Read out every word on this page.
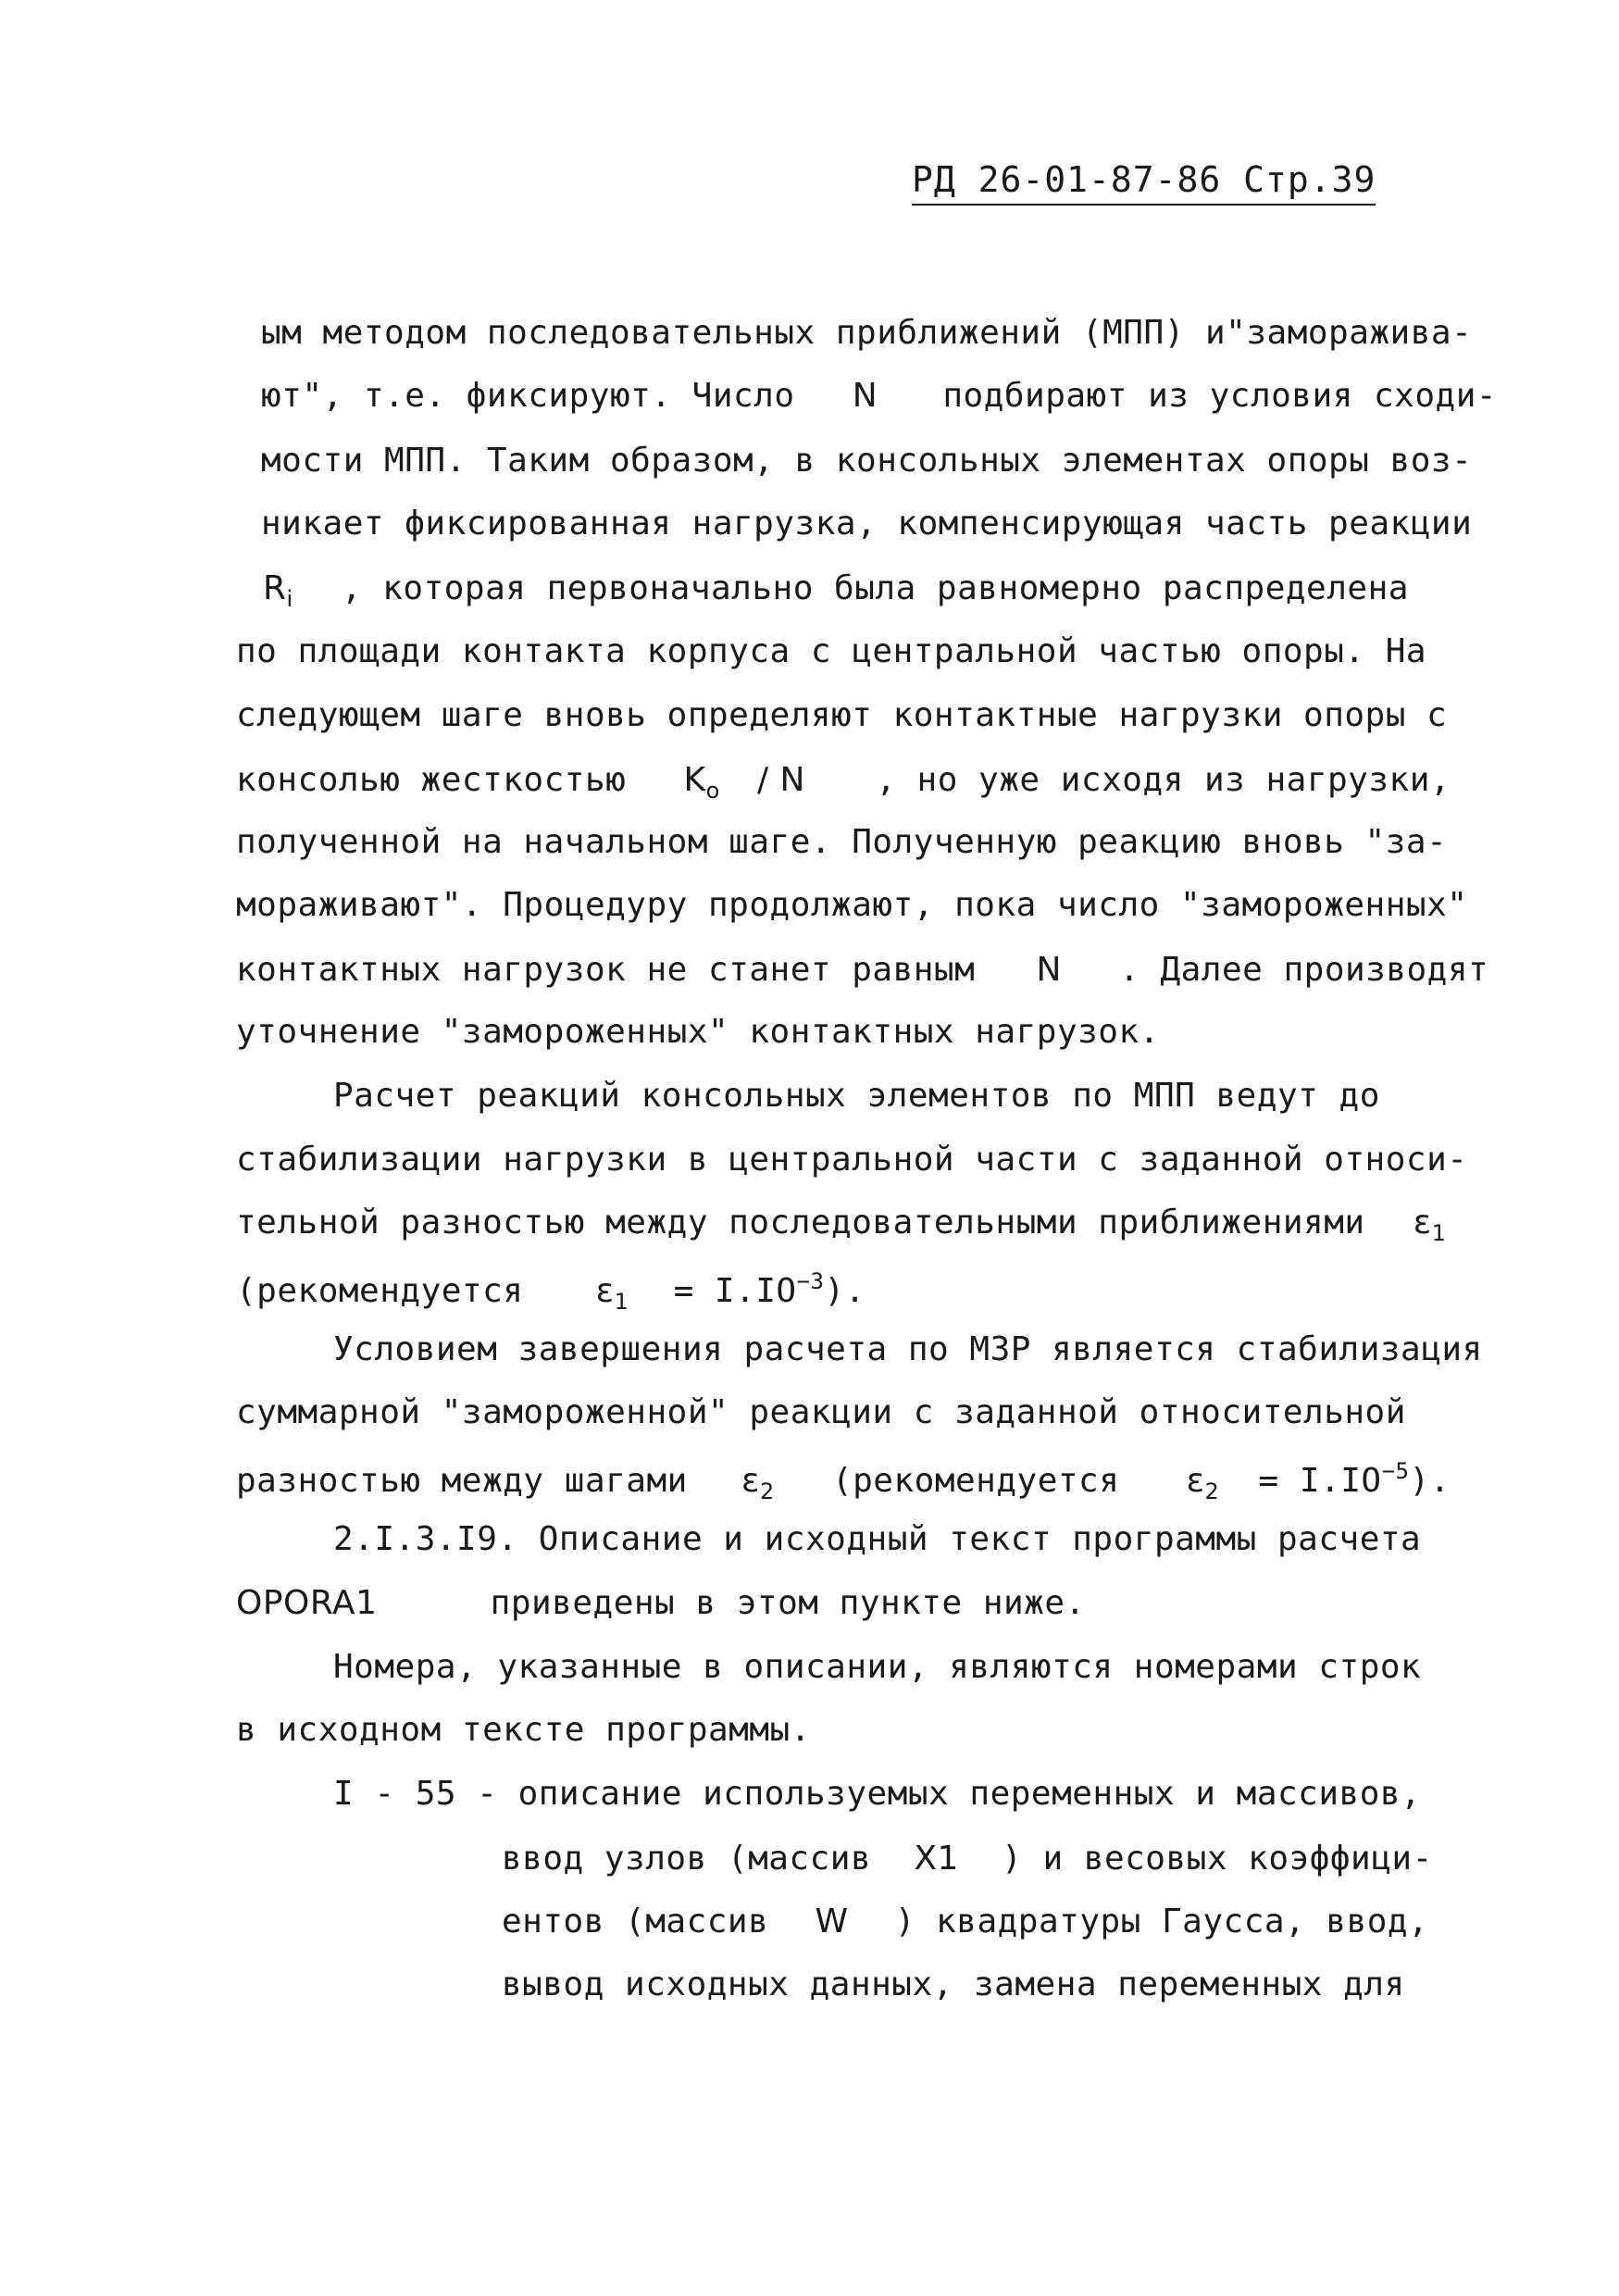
РД 26-01-87-86 Стр.39
ым методом последовательных приближений (МПП) и"заморажива-
ют", т.е. фиксируют. Число N подбирают из условия сходи-
мости МПП. Таким образом, в консольных элементах опоры воз-
никает фиксированная нагрузка, компенсирующая часть реакции
$R_i$ , которая первоначально была равномерно распределена
по площади контакта корпуса с центральной частью опоры. На
следующем шаге вновь определяют контактные нагрузки опоры с
консолью жесткостью $K_o$ / N , но уже исходя из нагрузки,
полученной на начальном шаге. Полученную реакцию вновь "за-
мораживают". Процедуру продолжают, пока число "замороженных"
контактных нагрузок не станет равным N . Далее производят
уточнение "замороженных" контактных нагрузок.
Расчет реакций консольных элементов по МПП ведут до
стабилизации нагрузки в центральной части с заданной относи-
тельной разностью между последовательными приближениями $\varepsilon_1$
(рекомендуется $\varepsilon_1 = I.IO^{-3}$).
Условием завершения расчета по МЗР является стабилизация
суммарной "замороженной" реакции с заданной относительной
разностью между шагами $\varepsilon_2$ (рекомендуется $\varepsilon_2 = I.IO^{-5}$).
2.I.3.I9. Описание и исходный текст программы расчета
OPORA1	приведены в этом пункте ниже.
Номера, указанные в описании, являются номерами строк
в исходном тексте программы.
I - 55 - описание используемых переменных и массивов,
ввод узлов (массив X1 ) и весовых коэффици-
ентов (массив W ) квадратуры Гаусса, ввод,
вывод исходных данных, замена переменных для
